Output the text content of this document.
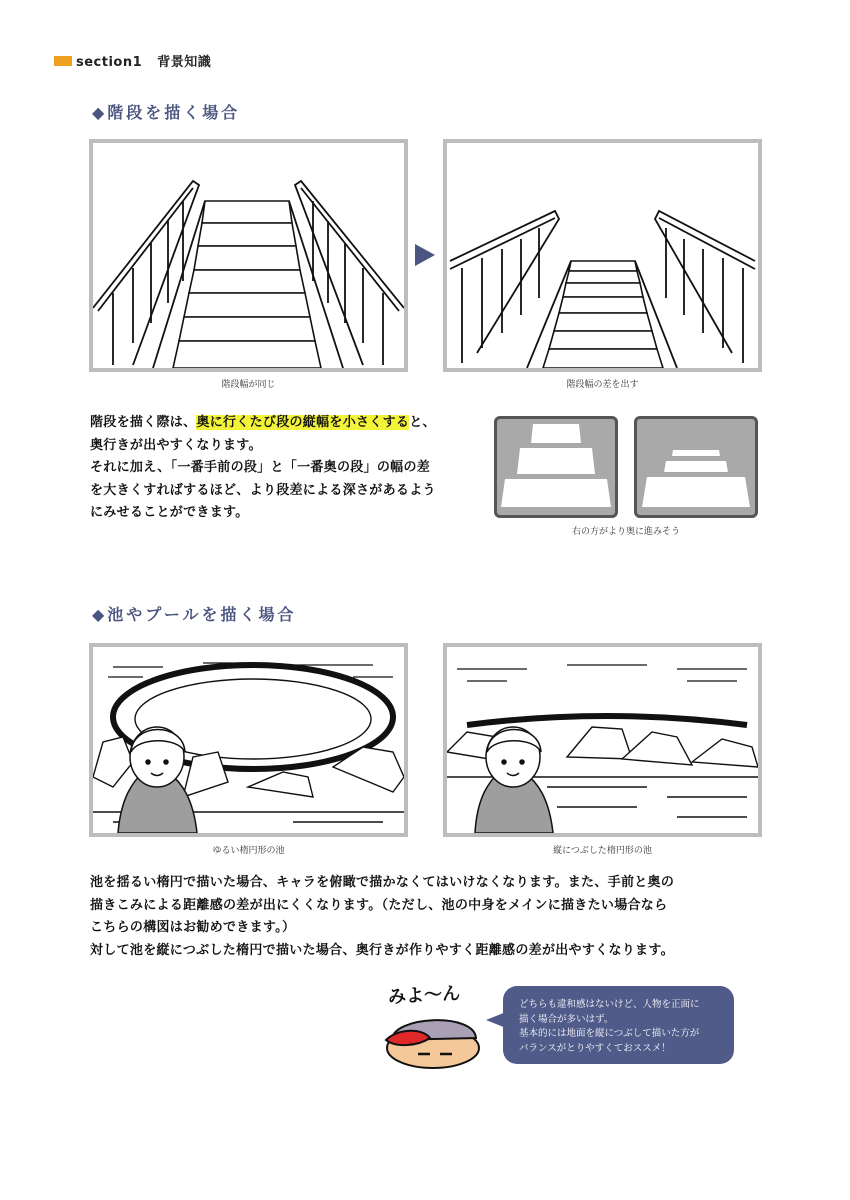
section1 背景知識
◆階段を描く場合
階段幅が同じ	階段幅の差を出す
階段を描く際は、奥に行くたび段の縦幅を小さくすると、
奥行きが出やすくなります。
それに加え、「一番手前の段」と「一番奥の段」の幅の差
を大きくすればするほど、より段差による深さがあるよう
にみせることができます。
右の方がより奥に進みそう
◆池やプールを描く場合
ゆるい楕円形の池	縦につぶした楕円形の池
池を揺るい楕円で描いた場合、キャラを俯瞰で描かなくてはいけなくなります。また、手前と奥の
描きこみによる距離感の差が出にくくなります。（ただし、池の中身をメインに描きたい場合なら
こちらの構図はお勧めできます。）
対して池を縦につぶした楕円で描いた場合、奥行きが作りやすく距離感の差が出やすくなります。
みよ〜ん	どちらも違和感はないけど、人物を正面に
描く場合が多いはず。
基本的には地面を縦につぶして描いた方が
バランスがとりやすくておススメ！
